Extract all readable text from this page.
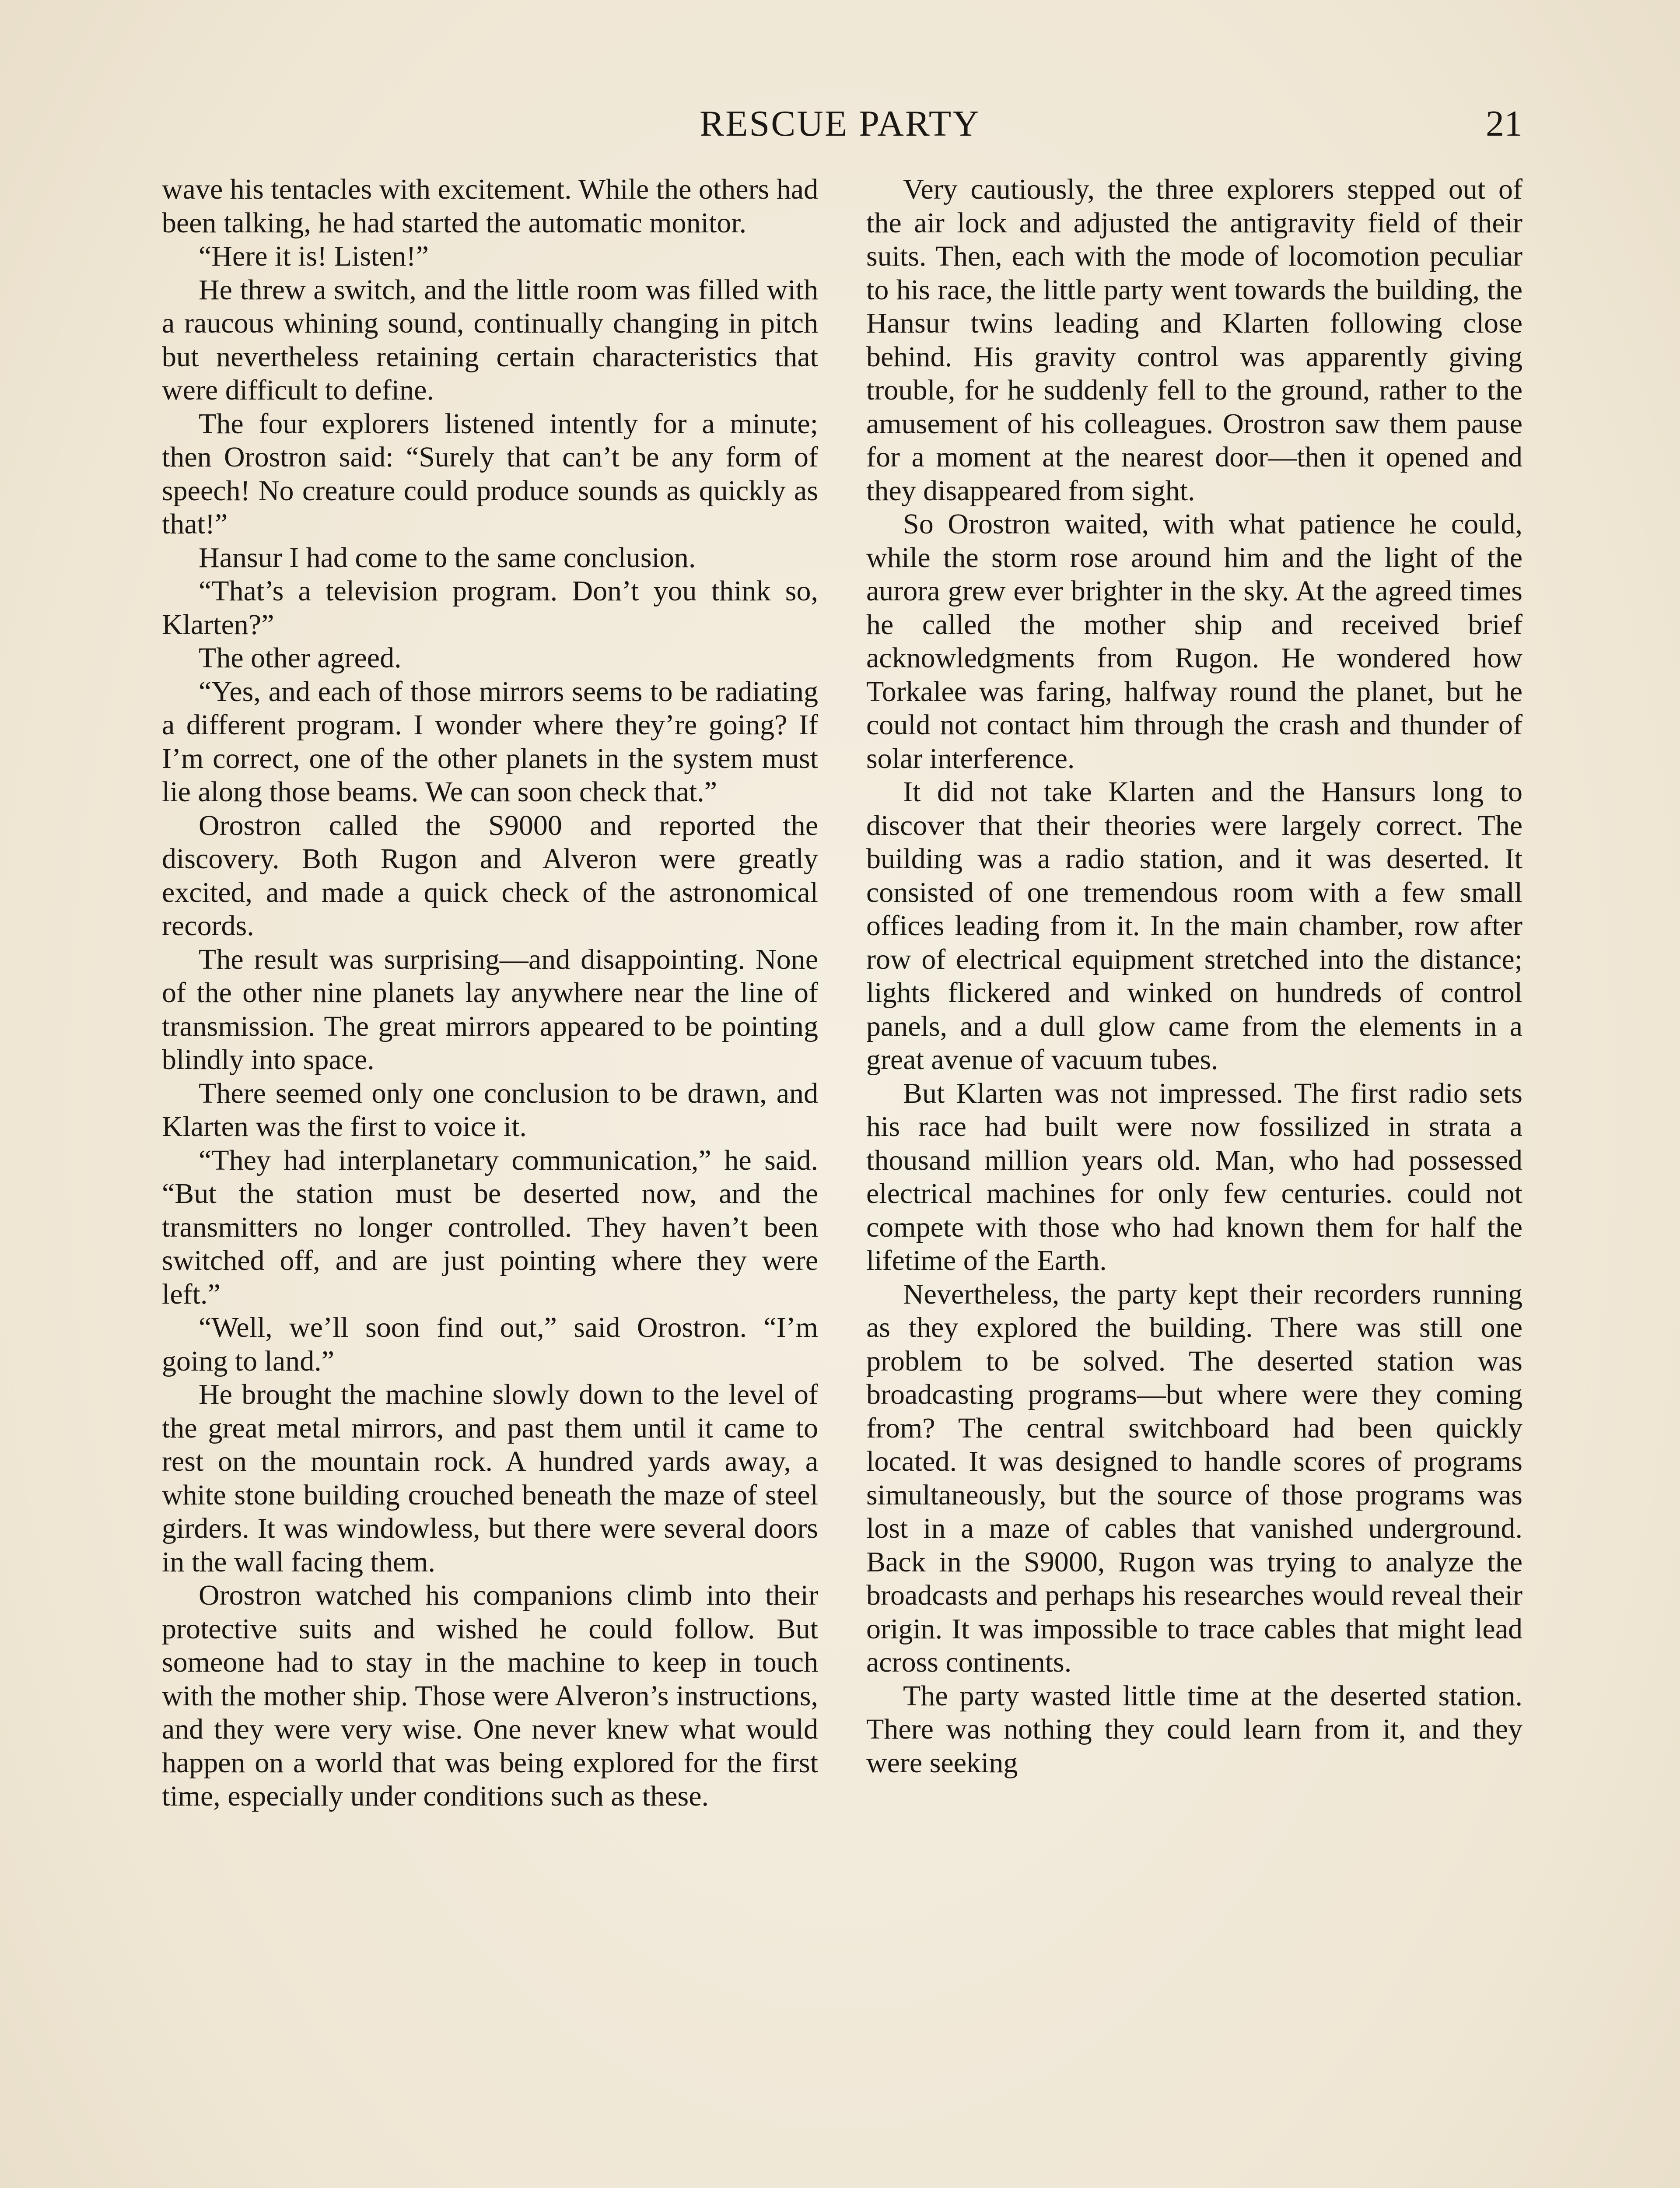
RESCUE PARTY	21

wave his tentacles with excitement. While the others had been talking, he had started the automatic monitor.

“Here it is! Listen!”

He threw a switch, and the little room was filled with a raucous whining sound, continually changing in pitch but nevertheless retaining certain characteristics that were difficult to define.

The four explorers listened intently for a minute; then Orostron said: “Surely that can’t be any form of speech! No creature could produce sounds as quickly as that!”

Hansur I had come to the same conclusion.

“That’s a television program. Don’t you think so, Klarten?”

The other agreed.

“Yes, and each of those mirrors seems to be radiating a different program. I wonder where they’re going? If I’m correct, one of the other planets in the system must lie along those beams. We can soon check that.”

Orostron called the S9000 and reported the discovery. Both Rugon and Alveron were greatly excited, and made a quick check of the astronomical records.

The result was surprising—and disappointing. None of the other nine planets lay anywhere near the line of transmission. The great mirrors appeared to be pointing blindly into space.

There seemed only one conclusion to be drawn, and Klarten was the first to voice it.

“They had interplanetary communication,” he said. “But the station must be deserted now, and the transmitters no longer controlled. They haven’t been switched off, and are just pointing where they were left.”

“Well, we’ll soon find out,” said Orostron. “I’m going to land.”

He brought the machine slowly down to the level of the great metal mirrors, and past them until it came to rest on the mountain rock. A hundred yards away, a white stone building crouched beneath the maze of steel girders. It was windowless, but there were several doors in the wall facing them.

Orostron watched his companions climb into their protective suits and wished he could follow. But someone had to stay in the machine to keep in touch with the mother ship. Those were Alveron’s instructions, and they were very wise. One never knew what would happen on a world that was being explored for the first time, especially under conditions such as these.

Very cautiously, the three explorers stepped out of the air lock and adjusted the antigravity field of their suits. Then, each with the mode of locomotion peculiar to his race, the little party went towards the building, the Hansur twins leading and Klarten following close behind. His gravity control was apparently giving trouble, for he suddenly fell to the ground, rather to the amusement of his colleagues. Orostron saw them pause for a moment at the nearest door—then it opened and they disappeared from sight.

So Orostron waited, with what patience he could, while the storm rose around him and the light of the aurora grew ever brighter in the sky. At the agreed times he called the mother ship and received brief acknowledgments from Rugon. He wondered how Torkalee was faring, halfway round the planet, but he could not contact him through the crash and thunder of solar interference.

It did not take Klarten and the Hansurs long to discover that their theories were largely correct. The building was a radio station, and it was deserted. It consisted of one tremendous room with a few small offices leading from it. In the main chamber, row after row of electrical equipment stretched into the distance; lights flickered and winked on hundreds of control panels, and a dull glow came from the elements in a great avenue of vacuum tubes.

But Klarten was not impressed. The first radio sets his race had built were now fossilized in strata a thousand million years old. Man, who had possessed electrical machines for only few centuries. could not compete with those who had known them for half the lifetime of the Earth.

Nevertheless, the party kept their recorders running as they explored the building. There was still one problem to be solved. The deserted station was broadcasting programs—but where were they coming from? The central switchboard had been quickly located. It was designed to handle scores of programs simultaneously, but the source of those programs was lost in a maze of cables that vanished underground. Back in the S9000, Rugon was trying to analyze the broadcasts and perhaps his researches would reveal their origin. It was impossible to trace cables that might lead across continents.

The party wasted little time at the deserted station. There was nothing they could learn from it, and they were seeking
